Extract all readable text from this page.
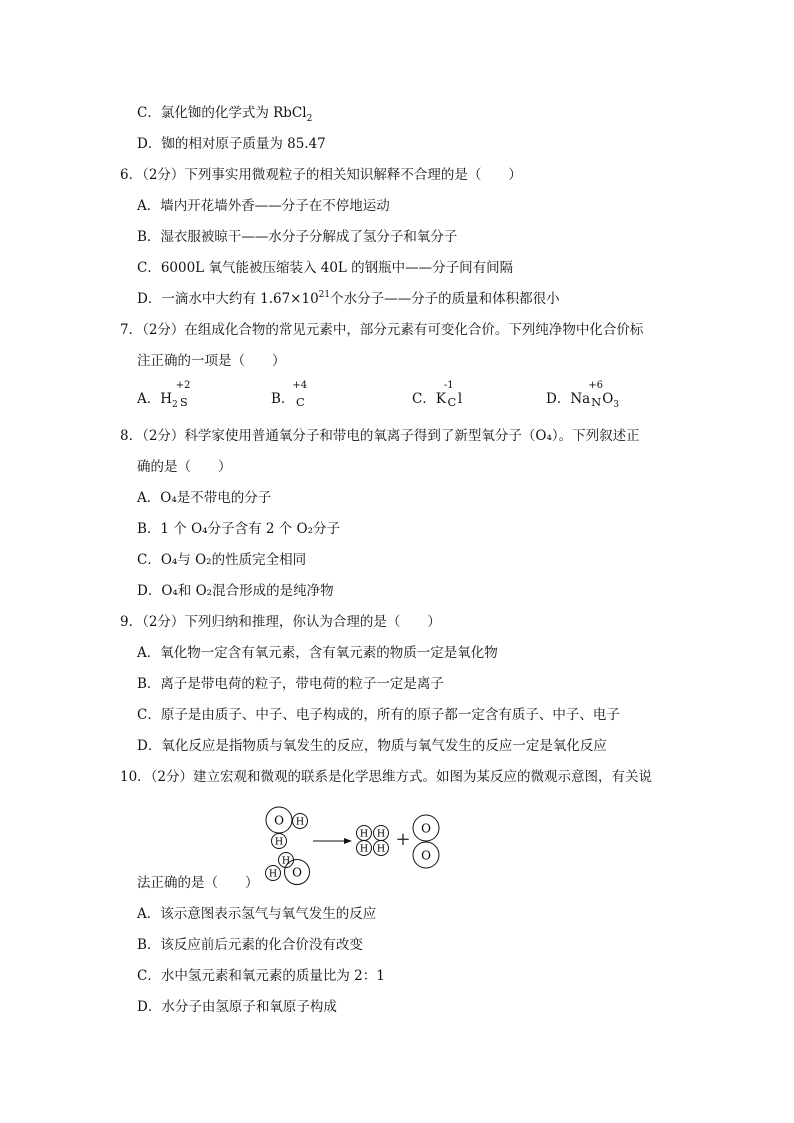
C．氯化铷的化学式为 RbCl$_2$
D．铷的相对原子质量为 85.47
6．（2分）下列事实用微观粒子的相关知识解释不合理的是（　　）
A．墙内开花墙外香——分子在不停地运动
B．湿衣服被晾干——水分子分解成了氢分子和氧分子
C．6000L 氧气能被压缩装入 40L 的钢瓶中——分子间有间隔
D．一滴水中大约有 $1.67\times 10^{21}$个水分子——分子的质量和体积都很小
7．（2分）在组成化合物的常见元素中，部分元素有可变化合价。下列纯净物中化合价标
注正确的一项是（　　）
A．$H_2$
+2
S	B．
+4
C	C．K
-1
C l	D．Na
+6
$NO_3$
8．（2分）科学家使用普通氧分子和带电的氧离子得到了新型氧分子（O₄）。下列叙述正
确的是（　　）
A．O₄是不带电的分子
B．1 个 O₄分子含有 2 个 O₂分子
C．O₄与 O₂的性质完全相同
D．O₄和 O₂混合形成的是纯净物
9．（2分）下列归纳和推理，你认为合理的是（　　）
A．氧化物一定含有氧元素，含有氧元素的物质一定是氧化物
B．离子是带电荷的粒子，带电荷的粒子一定是离子
C．原子是由质子、中子、电子构成的，所有的原子都一定含有质子、中子、电子
D．氧化反应是指物质与氧发生的反应，物质与氧气发生的反应一定是氧化反应
10．（2分）建立宏观和微观的联系是化学思维方式。如图为某反应的微观示意图，有关说
O H
H
H
H
O
H H
H H +
O
O
法正确的是（　　）
A．该示意图表示氢气与氧气发生的反应
B．该反应前后元素的化合价没有改变
C．水中氢元素和氧元素的质量比为 2：1
D．水分子由氢原子和氧原子构成
